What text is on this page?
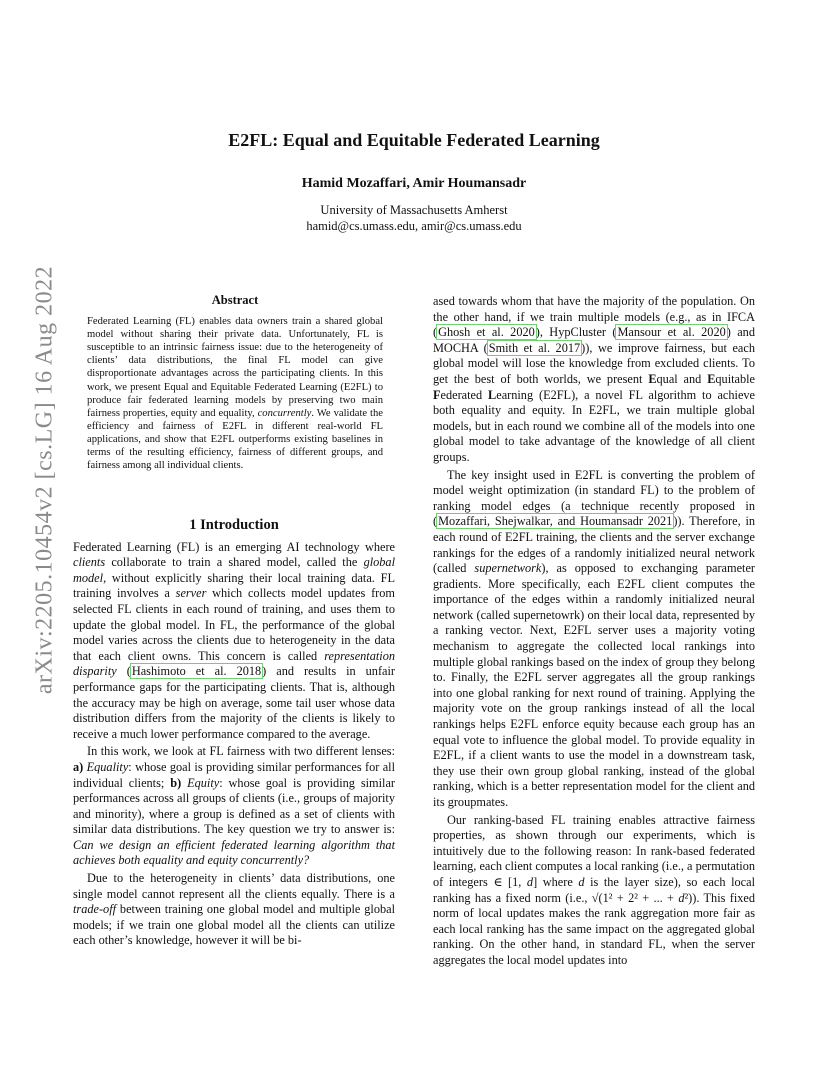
arXiv:2205.10454v2 [cs.LG] 16 Aug 2022
E2FL: Equal and Equitable Federated Learning
Hamid Mozaffari, Amir Houmansadr
University of Massachusetts Amherst
hamid@cs.umass.edu, amir@cs.umass.edu
Abstract
Federated Learning (FL) enables data owners train a shared global model without sharing their private data. Unfortunately, FL is susceptible to an intrinsic fairness issue: due to the heterogeneity of clients’ data distributions, the final FL model can give disproportionate advantages across the participating clients. In this work, we present Equal and Equitable Federated Learning (E2FL) to produce fair federated learning models by preserving two main fairness properties, equity and equality, concurrently. We validate the efficiency and fairness of E2FL in different real-world FL applications, and show that E2FL outperforms existing baselines in terms of the resulting efficiency, fairness of different groups, and fairness among all individual clients.
1 Introduction

Federated Learning (FL) is an emerging AI technology where clients collaborate to train a shared model, called the global model, without explicitly sharing their local training data. FL training involves a server which collects model updates from selected FL clients in each round of training, and uses them to update the global model. In FL, the performance of the global model varies across the clients due to heterogeneity in the data that each client owns. This concern is called representation disparity (Hashimoto et al. 2018) and results in unfair performance gaps for the participating clients. That is, although the accuracy may be high on average, some tail user whose data distribution differs from the majority of the clients is likely to receive a much lower performance compared to the average.

In this work, we look at FL fairness with two different lenses: a) Equality: whose goal is providing similar performances for all individual clients; b) Equity: whose goal is providing similar performances across all groups of clients (i.e., groups of majority and minority), where a group is defined as a set of clients with similar data distributions. The key question we try to answer is: Can we design an efficient federated learning algorithm that achieves both equality and equity concurrently?

Due to the heterogeneity in clients’ data distributions, one single model cannot represent all the clients equally. There is a trade-off between training one global model and multiple global models; if we train one global model all the clients can utilize each other’s knowledge, however it will be bi-

ased towards whom that have the majority of the population. On the other hand, if we train multiple models (e.g., as in IFCA (Ghosh et al. 2020), HypCluster (Mansour et al. 2020) and MOCHA (Smith et al. 2017)), we improve fairness, but each global model will lose the knowledge from excluded clients. To get the best of both worlds, we present Equal and Equitable Federated Learning (E2FL), a novel FL algorithm to achieve both equality and equity. In E2FL, we train multiple global models, but in each round we combine all of the models into one global model to take advantage of the knowledge of all client groups.

The key insight used in E2FL is converting the problem of model weight optimization (in standard FL) to the problem of ranking model edges (a technique recently proposed in (Mozaffari, Shejwalkar, and Houmansadr 2021)). Therefore, in each round of E2FL training, the clients and the server exchange rankings for the edges of a randomly initialized neural network (called supernetwork), as opposed to exchanging parameter gradients. More specifically, each E2FL client computes the importance of the edges within a randomly initialized neural network (called supernetowrk) on their local data, represented by a ranking vector. Next, E2FL server uses a majority voting mechanism to aggregate the collected local rankings into multiple global rankings based on the index of group they belong to. Finally, the E2FL server aggregates all the group rankings into one global ranking for next round of training. Applying the majority vote on the group rankings instead of all the local rankings helps E2FL enforce equity because each group has an equal vote to influence the global model. To provide equality in E2FL, if a client wants to use the model in a downstream task, they use their own group global ranking, instead of the global ranking, which is a better representation model for the client and its groupmates.

Our ranking-based FL training enables attractive fairness properties, as shown through our experiments, which is intuitively due to the following reason: In rank-based federated learning, each client computes a local ranking (i.e., a permutation of integers ∈ [1, d] where d is the layer size), so each local ranking has a fixed norm (i.e., √(1² + 2² + ... + d²)). This fixed norm of local updates makes the rank aggregation more fair as each local ranking has the same impact on the aggregated global ranking. On the other hand, in standard FL, when the server aggregates the local model updates into
